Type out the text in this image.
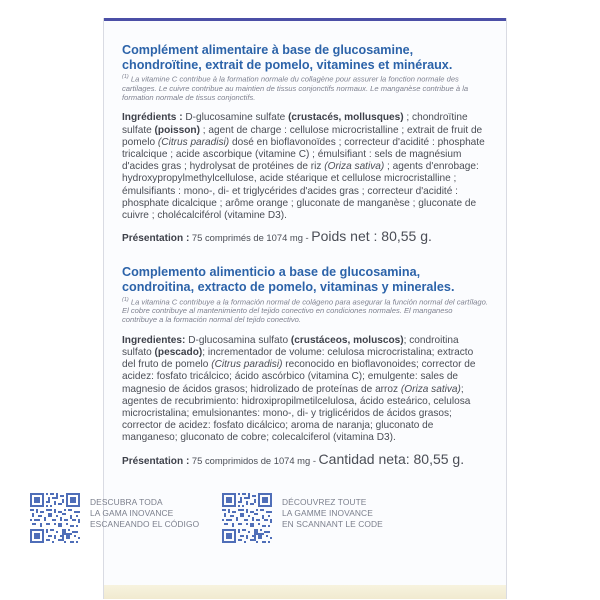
Complément alimentaire à base de glucosamine, chondroïtine, extrait de pomelo, vitamines et minéraux.

$^{(1)}$ La vitamine C contribue à la formation normale du collagène pour assurer la fonction normale des cartilages. Le cuivre contribue au maintien de tissus conjonctifs normaux. Le manganèse contribue à la formation normale de tissus conjonctifs.

Ingrédients : D-glucosamine sulfate (crustacés, mollusques) ; chondroïtine sulfate (poisson) ; agent de charge : cellulose microcristalline ; extrait de fruit de pomelo (Citrus paradisi) dosé en bioflavonoïdes ; correcteur d'acidité : phosphate tricalcique ; acide ascorbique (vitamine C) ; émulsifiant : sels de magnésium d'acides gras ; hydrolysat de protéines de riz (Oriza sativa) ; agents d'enrobage: hydroxypropylmethylcellulose, acide stéarique et cellulose microcristalline ; émulsifiants : mono-, di- et triglycérides d'acides gras ; correcteur d'acidité : phosphate dicalcique ; arôme orange ; gluconate de manganèse ; gluconate de cuivre ; cholécalciférol (vitamine D3).

Présentation : 75 comprimés de 1074 mg - Poids net : 80,55 g.

Complemento alimenticio a base de glucosamina, condroitina, extracto de pomelo, vitaminas y minerales.

$^{(1)}$ La vitamina C contribuye a la formación normal de colágeno para asegurar la función normal del cartílago. El cobre contribuye al mantenimiento del tejido conectivo en condiciones normales. El manganeso contribuye a la formación normal del tejido conectivo.

Ingredientes: D-glucosamina sulfato (crustáceos, moluscos); condroitina sulfato (pescado); incrementador de volume: celulosa microcristalina; extracto del fruto de pomelo (Citrus paradisi) reconocido en bioflavonoides; corrector de acidez: fosfato tricálcico; ácido ascórbico (vitamina C); emulgente: sales de magnesio de ácidos grasos; hidrolizado de proteínas de arroz (Oriza sativa); agentes de recubrimiento: hidroxipropilmetilcelulosa, ácido esteárico, celulosa microcristalina; emulsionantes: mono-, di- y triglicéridos de ácidos grasos; corrector de acidez: fosfato dicálcico; aroma de naranja; gluconato de manganeso; gluconato de cobre; colecalciferol (vitamina D3).

Présentation : 75 comprimidos de 1074 mg - Cantidad neta: 80,55 g.

DESCUBRA TODA
LA GAMA INOVANCE
ESCANEANDO EL CÓDIGO
DÉCOUVREZ TOUTE
LA GAMME INOVANCE
EN SCANNANT LE CODE
